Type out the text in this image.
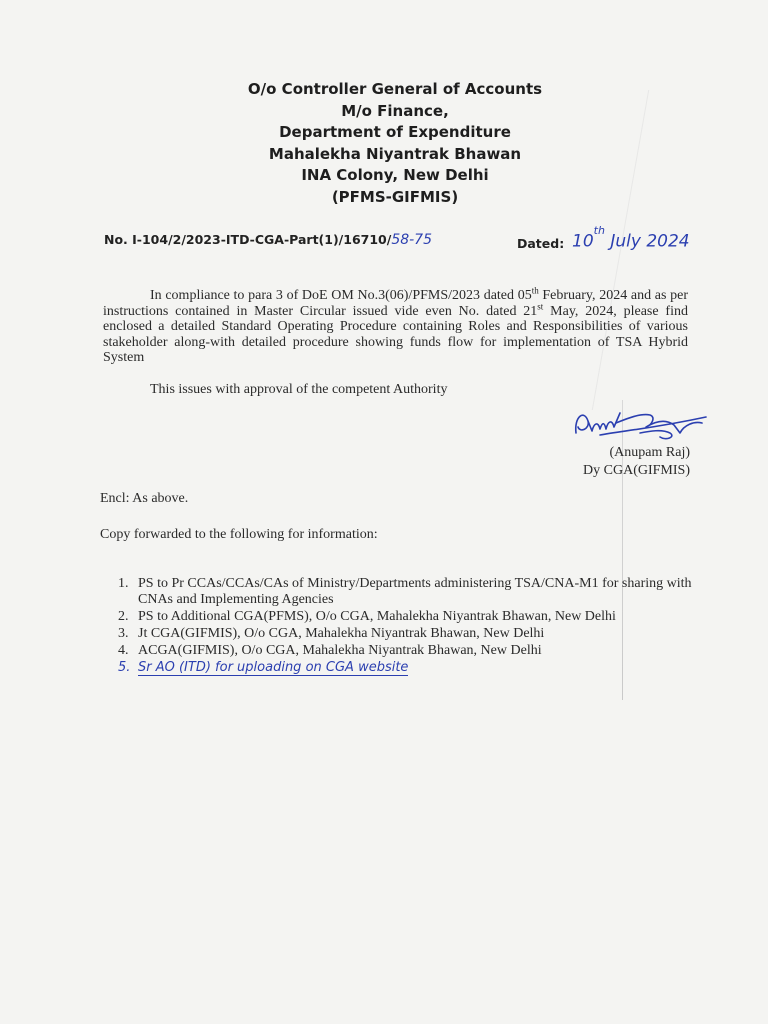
O/o Controller General of Accounts
M/o Finance,
Department of Expenditure
Mahalekha Niyantrak Bhawan
INA Colony, New Delhi
(PFMS-GIFMIS)
No. I-104/2/2023-ITD-CGA-Part(1)/16710/58-75	Dated: 10th July 2024

In compliance to para 3 of DoE OM No.3(06)/PFMS/2023 dated 05th February, 2024 and as per instructions contained in Master Circular issued vide even No. dated 21st May, 2024, please find enclosed a detailed Standard Operating Procedure containing Roles and Responsibilities of various stakeholder along-with detailed procedure showing funds flow for implementation of TSA Hybrid System

This issues with approval of the competent Authority
(Anupam Raj)
Dy CGA(GIFMIS)
Encl: As above.
Copy forwarded to the following for information:
1. PS to Pr CCAs/CCAs/CAs of Ministry/Departments administering TSA/CNA-M1 for sharing with CNAs and Implementing Agencies
2. PS to Additional CGA(PFMS), O/o CGA, Mahalekha Niyantrak Bhawan, New Delhi
3. Jt CGA(GIFMIS), O/o CGA, Mahalekha Niyantrak Bhawan, New Delhi
4. ACGA(GIFMIS), O/o CGA, Mahalekha Niyantrak Bhawan, New Delhi
5. Sr AO (ITD) for uploading on CGA website
